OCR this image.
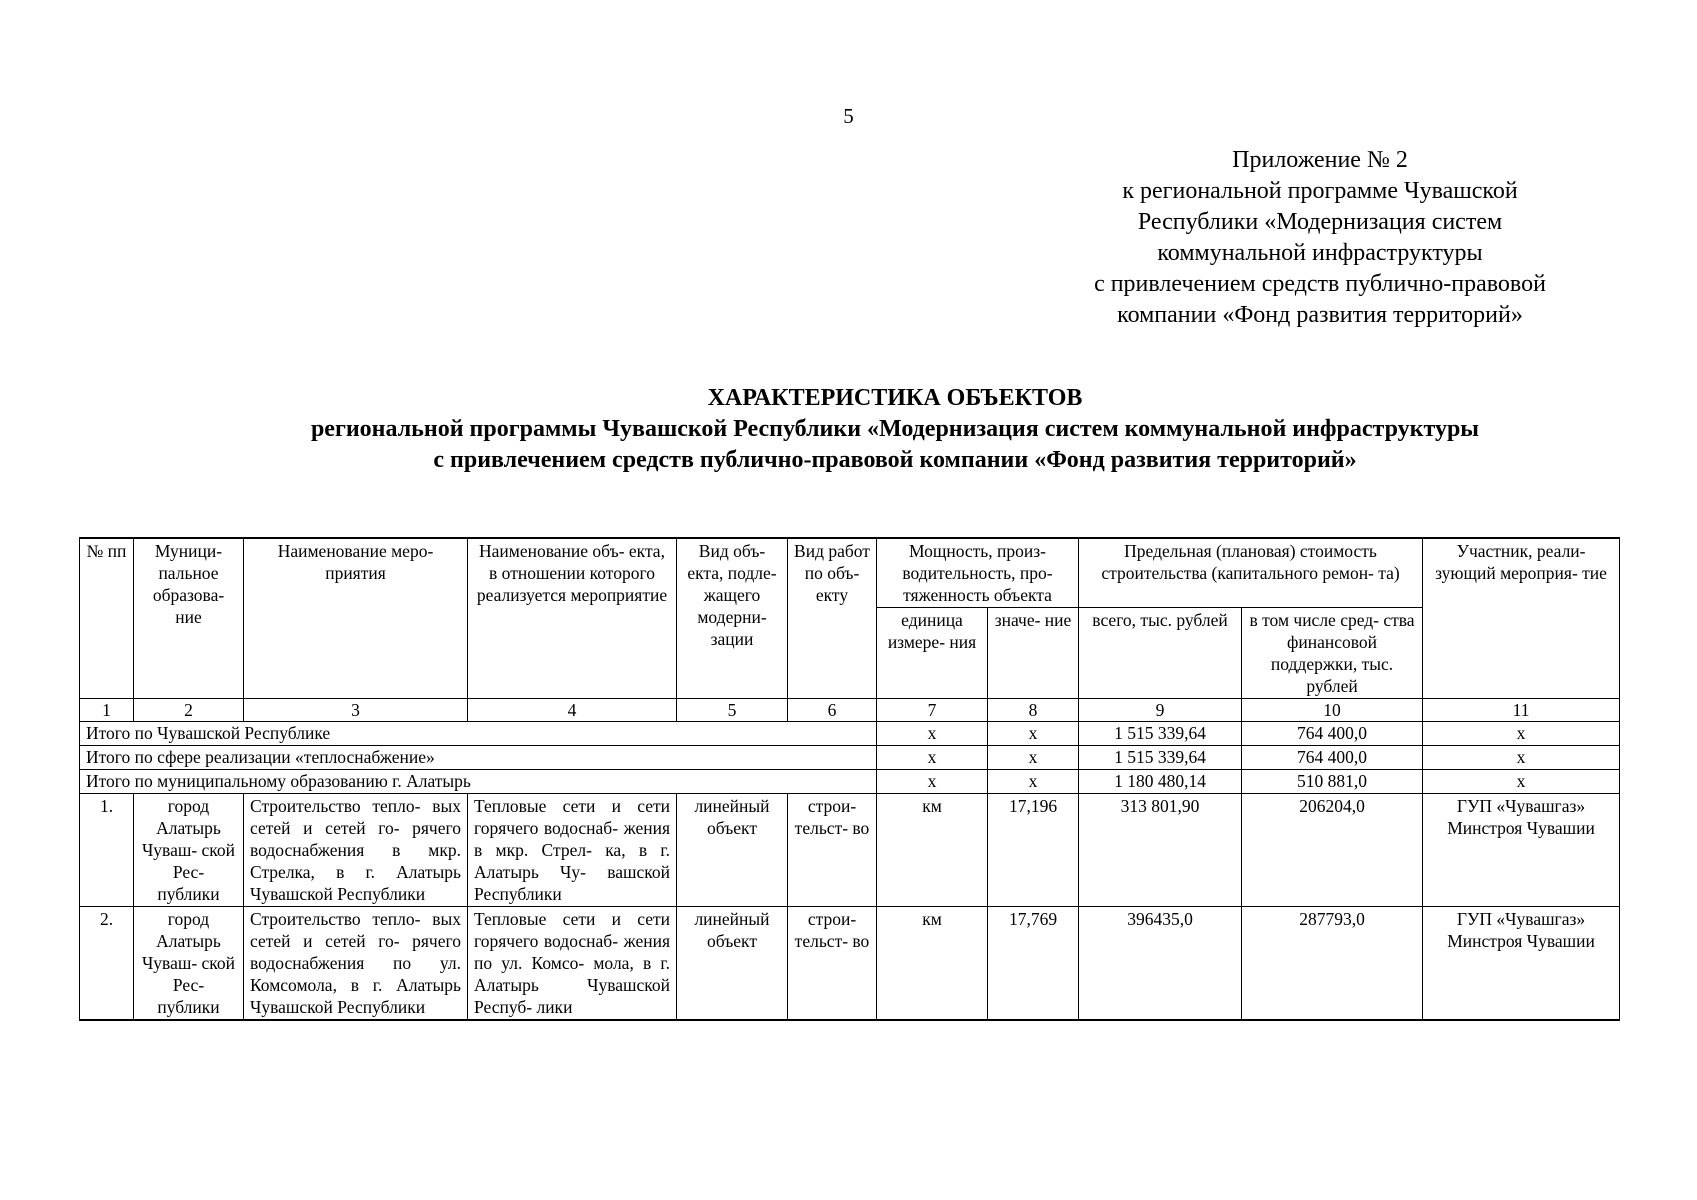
5
Приложение № 2
к региональной программе Чувашской
Республики «Модернизация систем
коммунальной инфраструктуры
с привлечением средств публично-правовой
компании «Фонд развития территорий»
ХАРАКТЕРИСТИКА ОБЪЕКТОВ
региональной программы Чувашской Республики «Модернизация систем коммунальной инфраструктуры
с привлечением средств публично-правовой компании «Фонд развития территорий»
№ пп	Муници- пальное образова- ние	Наименование меро- приятия	Наименование объ- екта, в отношении которого реализуется мероприятие	Вид объ- екта, подле- жащего модерни- зации	Вид работ по объ- екту	Мощность, произ- водительность, про- тяженность объекта		Предельная (плановая) стоимость строительства (капитального ремон- та)		Участник, реали- зующий мероприя- тие
						единица измере- ния	значе- ние	всего, тыс. рублей	в том числе сред- ства финансовой поддержки, тыс. рублей	
1	2	3	4	5	6	7	8	9	10	11
Итого по Чувашской Республике						х	х	1 515 339,64	764 400,0	х
Итого по сфере реализации «теплоснабжение»						х	х	1 515 339,64	764 400,0	х
Итого по муниципальному образованию г. Алатырь						х	х	1 180 480,14	510 881,0	х
1.	город Алатырь Чуваш- ской Рес- публики	Строительство тепло- вых сетей и сетей го- рячего водоснабжения в мкр. Стрелка, в г. Алатырь Чувашской Республики	Тепловые сети и сети горячего водоснаб- жения в мкр. Стрел- ка, в г. Алатырь Чу- вашской Республики	линейный объект	строи- тельст- во	км	17,196	313 801,90	206204,0	ГУП «Чувашгаз» Минстроя Чувашии
2.	город Алатырь Чуваш- ской Рес- публики	Строительство тепло- вых сетей и сетей го- рячего водоснабжения по ул. Комсомола, в г. Алатырь Чувашской Республики	Тепловые сети и сети горячего водоснаб- жения по ул. Комсо- мола, в г. Алатырь Чувашской Респуб- лики	линейный объект	строи- тельст- во	км	17,769	396435,0	287793,0	ГУП «Чувашгаз» Минстроя Чувашии
